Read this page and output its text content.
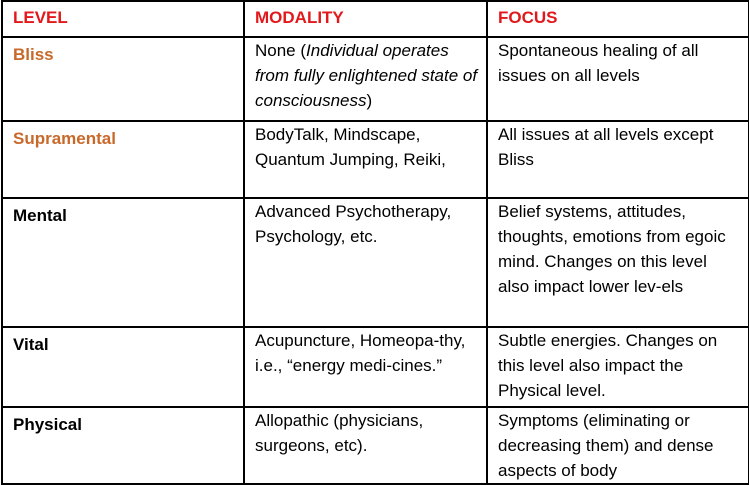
LEVEL	MODALITY	FOCUS
Bliss	None (Individual operates from fully enlightened state of consciousness)	Spontaneous healing of all issues on all levels
Supramental	BodyTalk, Mindscape, Quantum Jumping, Reiki,	All issues at all levels except Bliss
Mental	Advanced Psychotherapy, Psychology, etc.	Belief systems, attitudes, thoughts, emotions from egoic mind. Changes on this level also impact lower lev-els
Vital	Acupuncture, Homeopa-thy, i.e., “energy medi-cines.”	Subtle energies. Changes on this level also impact the Physical level.
Physical	Allopathic (physicians, surgeons, etc).	Symptoms (eliminating or decreasing them) and dense aspects of body
